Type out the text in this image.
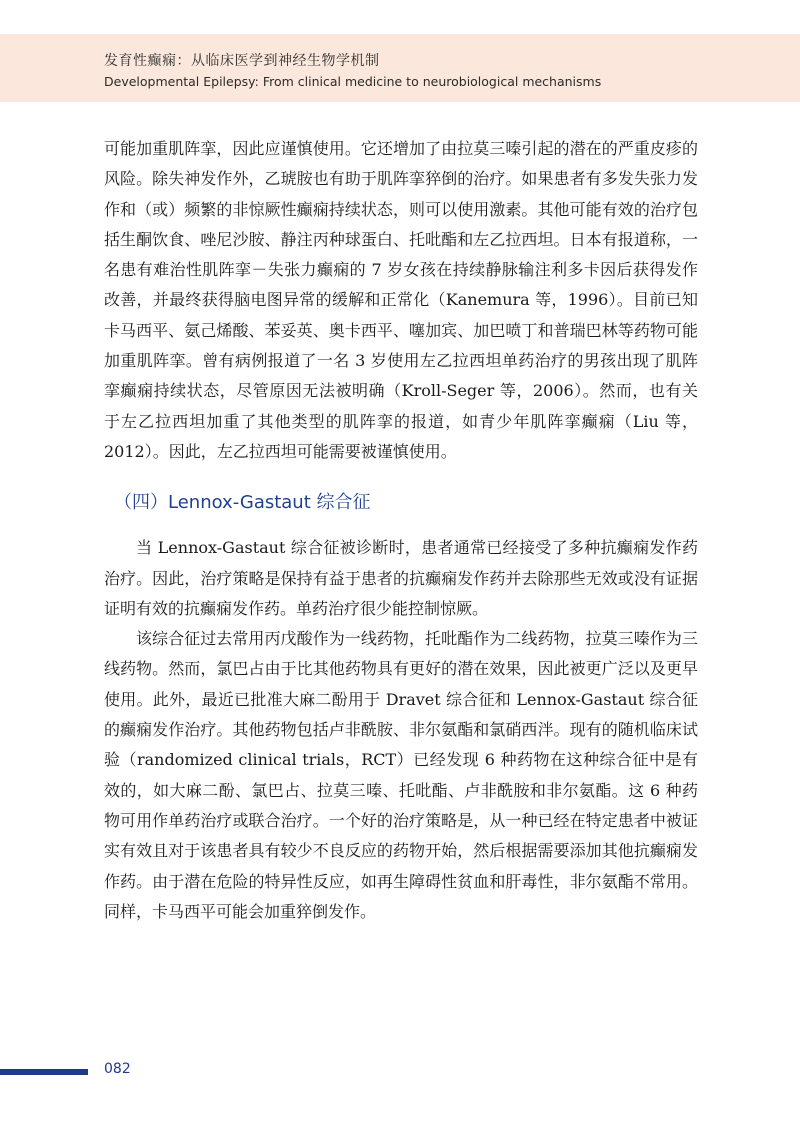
发育性癫痫：从临床医学到神经生物学机制
Developmental Epilepsy: From clinical medicine to neurobiological mechanisms

可能加重肌阵挛，因此应谨慎使用。它还增加了由拉莫三嗪引起的潜在的严重皮疹的风险。除失神发作外，乙琥胺也有助于肌阵挛猝倒的治疗。如果患者有多发失张力发作和（或）频繁的非惊厥性癫痫持续状态，则可以使用激素。其他可能有效的治疗包括生酮饮食、唑尼沙胺、静注丙种球蛋白、托吡酯和左乙拉西坦。日本有报道称，一名患有难治性肌阵挛－失张力癫痫的 7 岁女孩在持续静脉输注利多卡因后获得发作改善，并最终获得脑电图异常的缓解和正常化（Kanemura 等，1996）。目前已知卡马西平、氨己烯酸、苯妥英、奥卡西平、噻加宾、加巴喷丁和普瑞巴林等药物可能加重肌阵挛。曾有病例报道了一名 3 岁使用左乙拉西坦单药治疗的男孩出现了肌阵挛癫痫持续状态，尽管原因无法被明确（Kroll-Seger 等，2006）。然而，也有关于左乙拉西坦加重了其他类型的肌阵挛的报道，如青少年肌阵挛癫痫（Liu 等，2012）。因此，左乙拉西坦可能需要被谨慎使用。

（四）Lennox-Gastaut 综合征

当 Lennox-Gastaut 综合征被诊断时，患者通常已经接受了多种抗癫痫发作药治疗。因此，治疗策略是保持有益于患者的抗癫痫发作药并去除那些无效或没有证据证明有效的抗癫痫发作药。单药治疗很少能控制惊厥。

该综合征过去常用丙戊酸作为一线药物，托吡酯作为二线药物，拉莫三嗪作为三线药物。然而，氯巴占由于比其他药物具有更好的潜在效果，因此被更广泛以及更早使用。此外，最近已批准大麻二酚用于 Dravet 综合征和 Lennox-Gastaut 综合征的癫痫发作治疗。其他药物包括卢非酰胺、非尔氨酯和氯硝西泮。现有的随机临床试验（randomized clinical trials，RCT）已经发现 6 种药物在这种综合征中是有效的，如大麻二酚、氯巴占、拉莫三嗪、托吡酯、卢非酰胺和非尔氨酯。这 6 种药物可用作单药治疗或联合治疗。一个好的治疗策略是，从一种已经在特定患者中被证实有效且对于该患者具有较少不良反应的药物开始，然后根据需要添加其他抗癫痫发作药。由于潜在危险的特异性反应，如再生障碍性贫血和肝毒性，非尔氨酯不常用。同样，卡马西平可能会加重猝倒发作。

082
